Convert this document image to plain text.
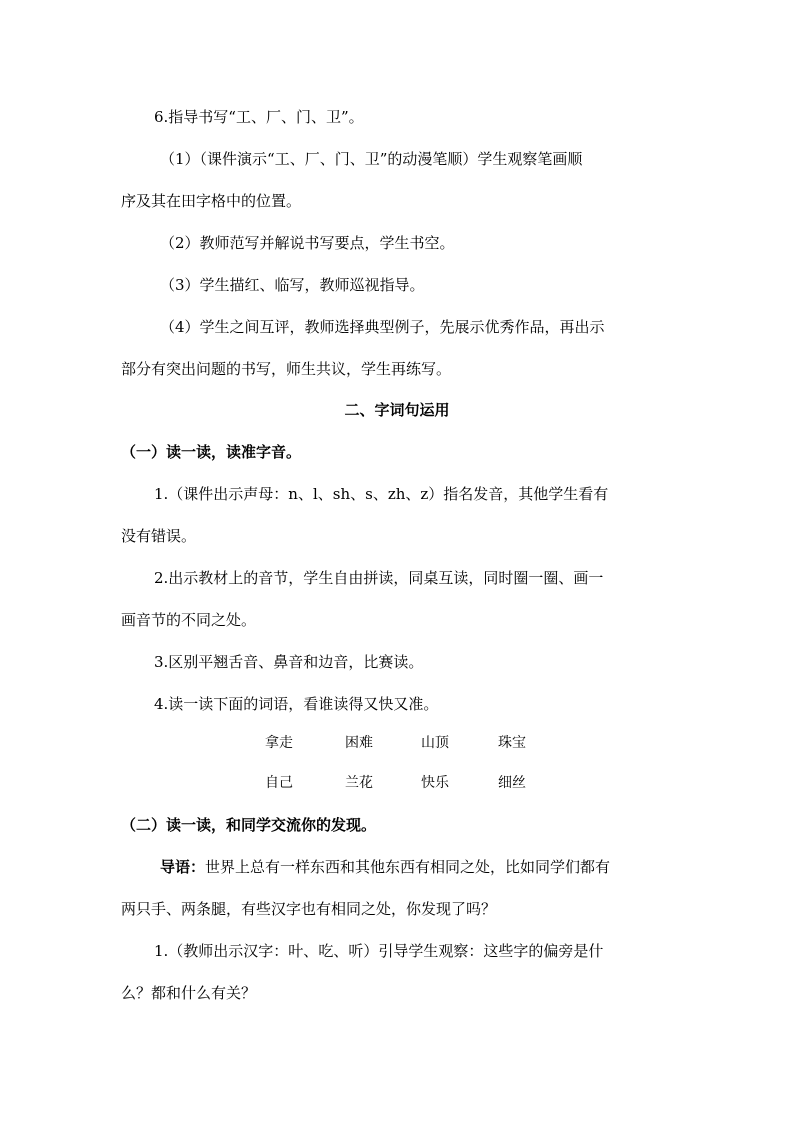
6.指导书写“工、厂、门、卫”。
（1）（课件演示“工、厂、门、卫”的动漫笔顺）学生观察笔画顺
序及其在田字格中的位置。
（2）教师范写并解说书写要点，学生书空。
（3）学生描红、临写，教师巡视指导。
（4）学生之间互评，教师选择典型例子，先展示优秀作品，再出示
部分有突出问题的书写，师生共议，学生再练写。
二、字词句运用
（一）读一读，读准字音。
1.（课件出示声母：n、l、sh、s、zh、z）指名发音，其他学生看有
没有错误。
2.出示教材上的音节，学生自由拼读，同桌互读，同时圈一圈、画一
画音节的不同之处。
3.区别平翘舌音、鼻音和边音，比赛读。
4.读一读下面的词语，看谁读得又快又准。
拿走	困难	山顶	珠宝
自己	兰花	快乐	细丝
（二）读一读，和同学交流你的发现。
导语：世界上总有一样东西和其他东西有相同之处，比如同学们都有
两只手、两条腿，有些汉字也有相同之处，你发现了吗？
1.（教师出示汉字：叶、吃、听）引导学生观察：这些字的偏旁是什
么？都和什么有关？
